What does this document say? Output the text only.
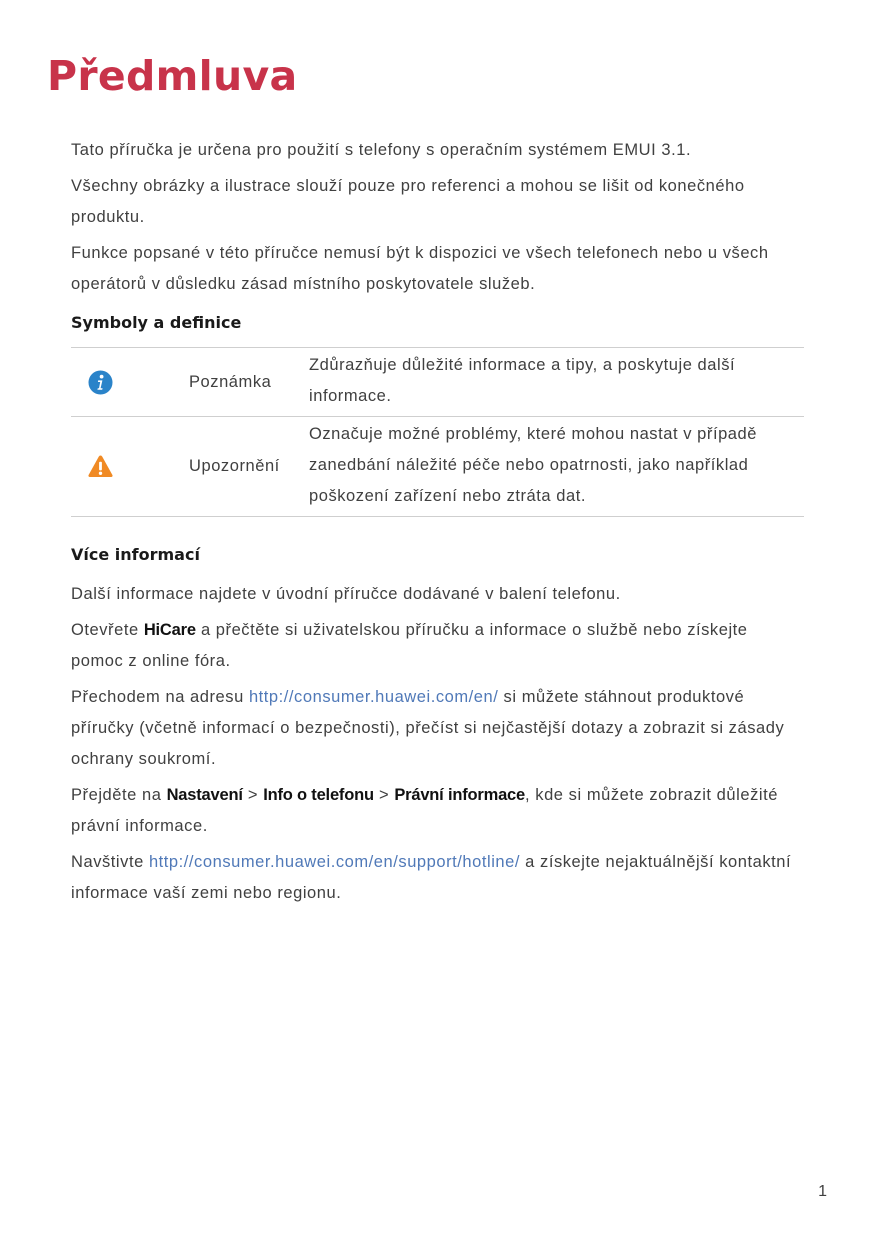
Předmluva

Tato příručka je určena pro použití s telefony s operačním systémem EMUI 3.1.

Všechny obrázky a ilustrace slouží pouze pro referenci a mohou se lišit od konečného produktu.

Funkce popsané v této příručce nemusí být k dispozici ve všech telefonech nebo u všech operátorů v důsledku zásad místního poskytovatele služeb.

Symboly a definice
	Poznámka	Zdůrazňuje důležité informace a tipy, a poskytuje další informace.
	Upozornění	Označuje možné problémy, které mohou nastat v případě zanedbání náležité péče nebo opatrnosti, jako například poškození zařízení nebo ztráta dat.
Více informací

Další informace najdete v úvodní příručce dodávané v balení telefonu.

Otevřete HiCare a přečtěte si uživatelskou příručku a informace o službě nebo získejte pomoc z online fóra.

Přechodem na adresu http://consumer.huawei.com/en/ si můžete stáhnout produktové příručky (včetně informací o bezpečnosti), přečíst si nejčastější dotazy a zobrazit si zásady ochrany soukromí.

Přejděte na Nastavení > Info o telefonu > Právní informace, kde si můžete zobrazit důležité právní informace.

Navštivte http://consumer.huawei.com/en/support/hotline/ a získejte nejaktuálnější kontaktní informace vaší zemi nebo regionu.

1
